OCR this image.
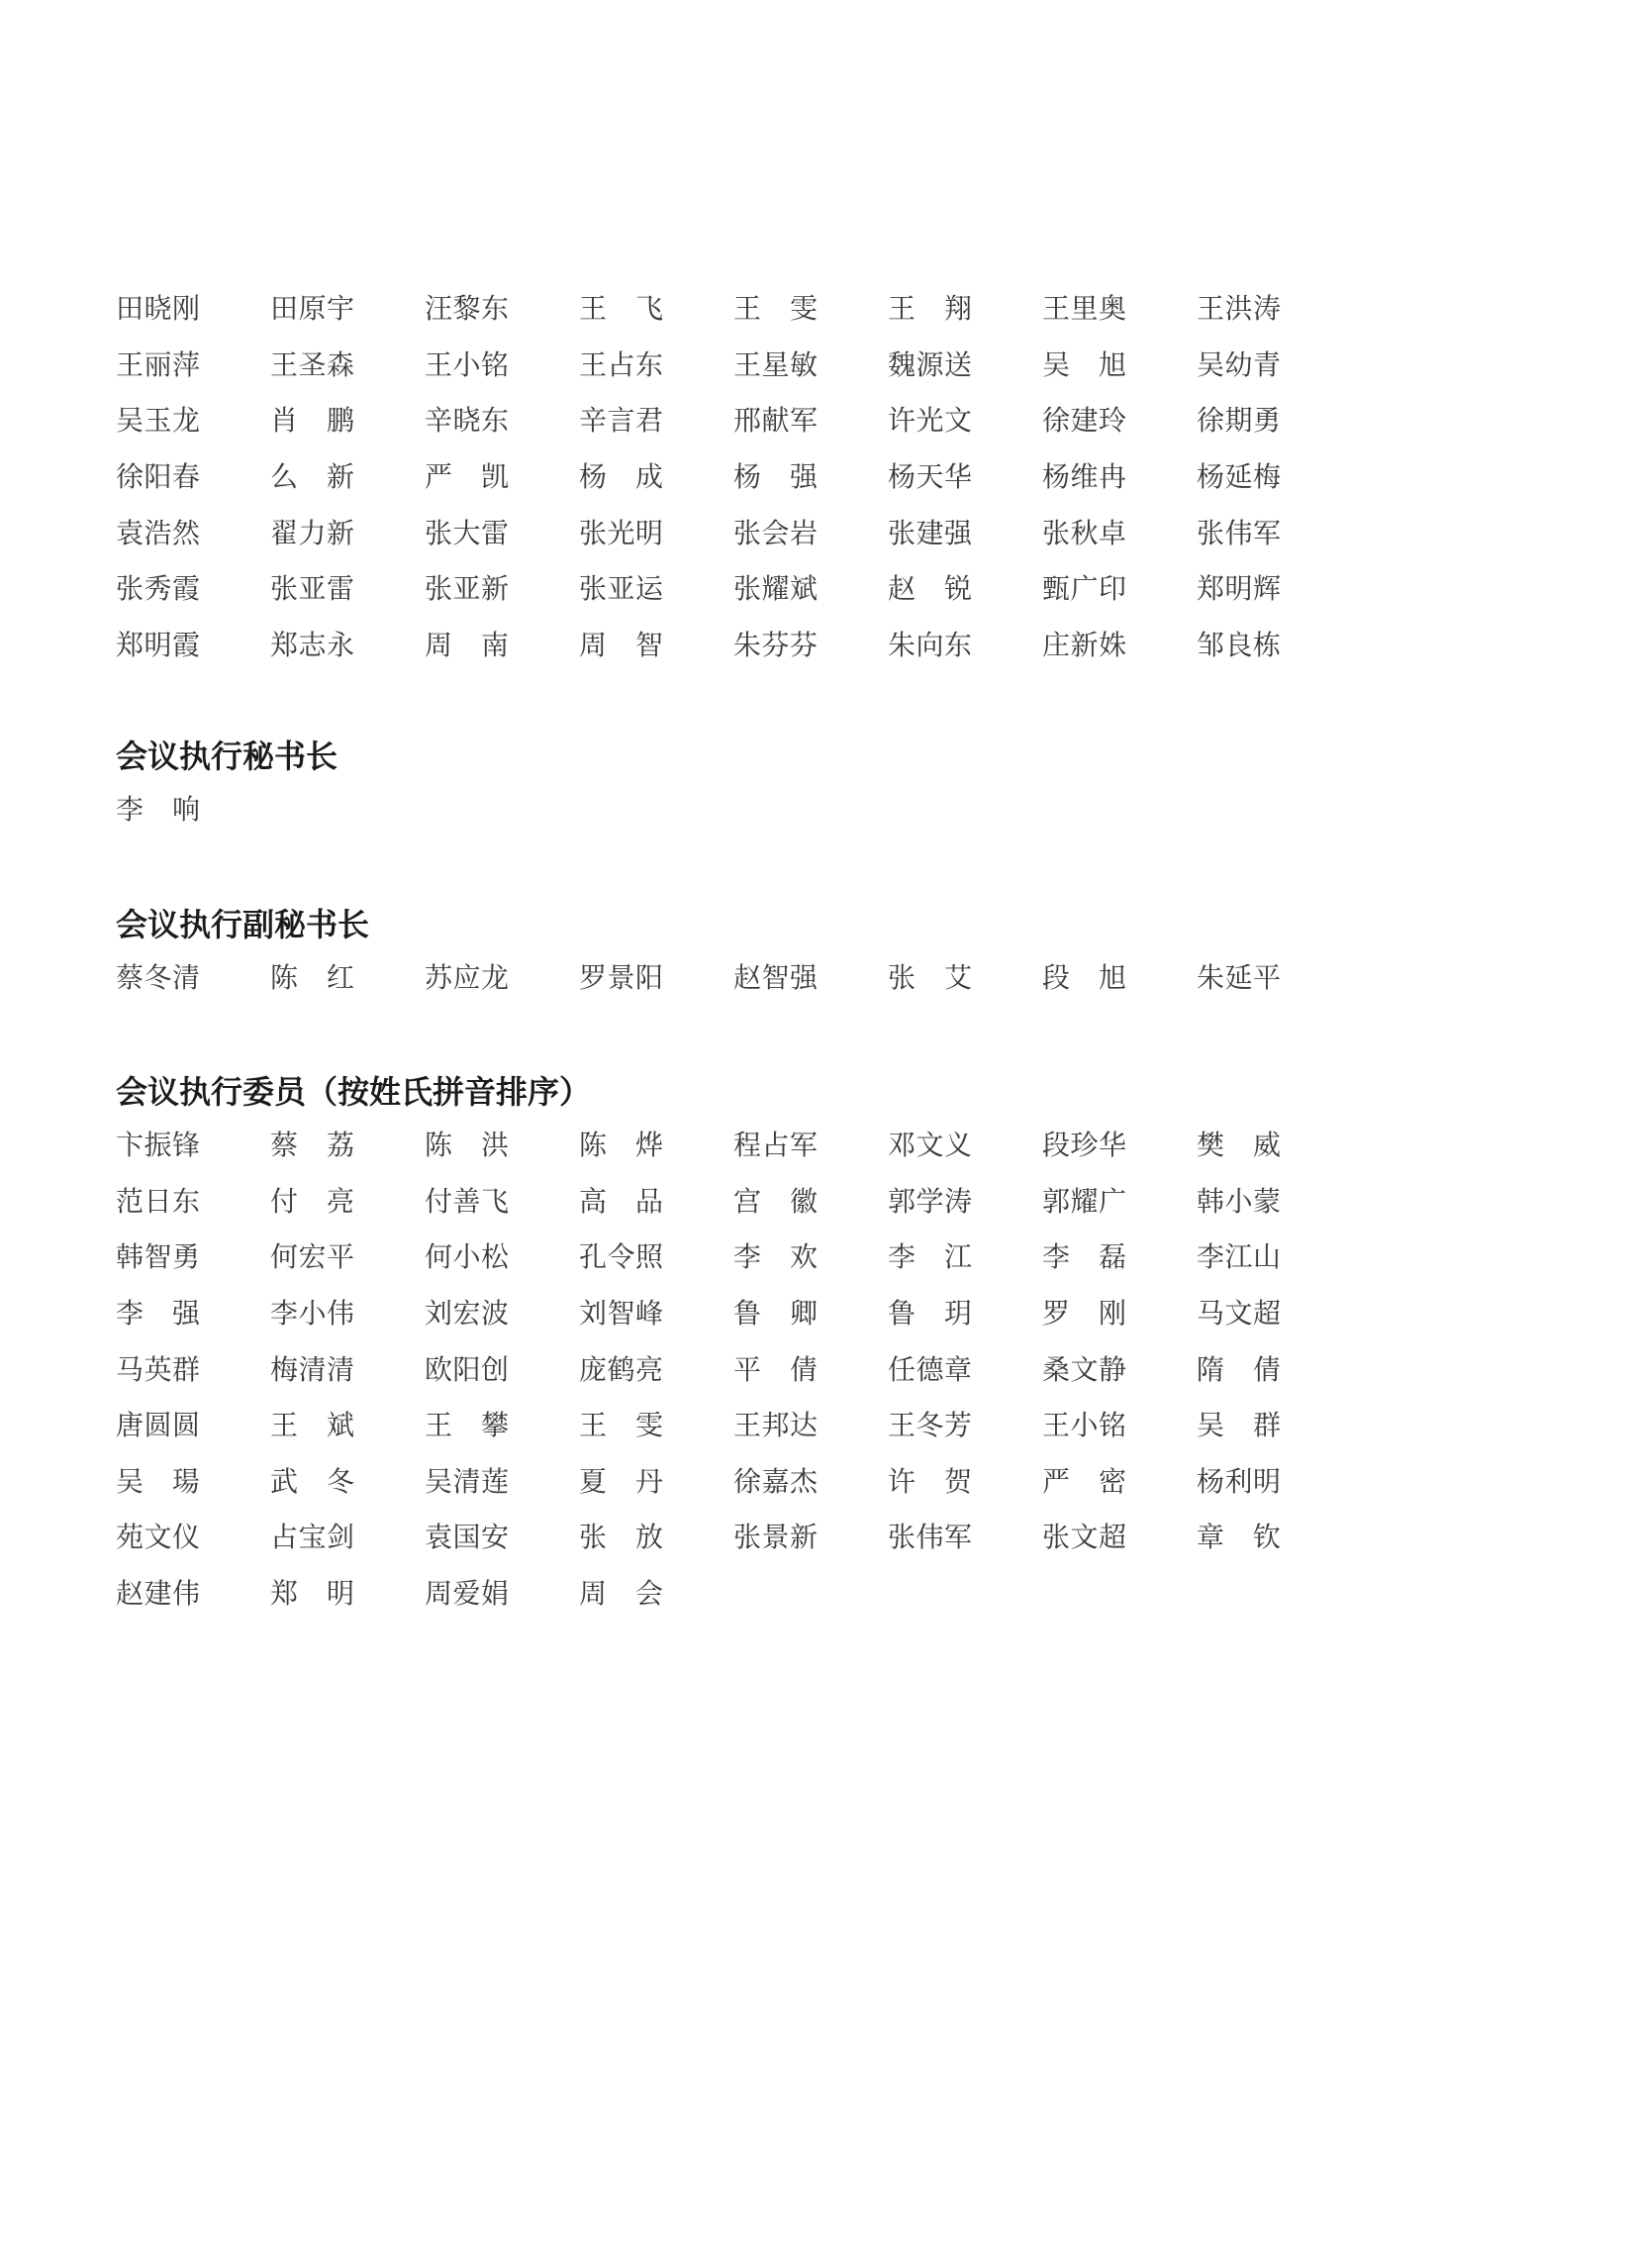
田晓刚	田原宇	汪黎东	王　飞	王　雯	王　翔	王里奥	王洪涛
王丽萍	王圣森	王小铭	王占东	王星敏	魏源送	吴　旭	吴幼青
吴玉龙	肖　鹏	辛晓东	辛言君	邢献军	许光文	徐建玲	徐期勇
徐阳春	么　新	严　凯	杨　成	杨　强	杨天华	杨维冉	杨延梅
袁浩然	翟力新	张大雷	张光明	张会岩	张建强	张秋卓	张伟军
张秀霞	张亚雷	张亚新	张亚运	张耀斌	赵　锐	甄广印	郑明辉
郑明霞	郑志永	周　南	周　智	朱芬芬	朱向东	庄新姝	邹良栋
会议执行秘书长
李　响
会议执行副秘书长
蔡冬清	陈　红	苏应龙	罗景阳	赵智强	张　艾	段　旭	朱延平
会议执行委员（按姓氏拼音排序）
卞振锋	蔡　荔	陈　洪	陈　烨	程占军	邓文义	段珍华	樊　威
范日东	付　亮	付善飞	高　品	宫　徽	郭学涛	郭耀广	韩小蒙
韩智勇	何宏平	何小松	孔令照	李　欢	李　江	李　磊	李江山
李　强	李小伟	刘宏波	刘智峰	鲁　卿	鲁　玥	罗　刚	马文超
马英群	梅清清	欧阳创	庞鹤亮	平　倩	任德章	桑文静	隋　倩
唐圆圆	王　斌	王　攀	王　雯	王邦达	王冬芳	王小铭	吴　群
吴　瑒	武　冬	吴清莲	夏　丹	徐嘉杰	许　贺	严　密	杨利明
苑文仪	占宝剑	袁国安	张　放	张景新	张伟军	张文超	章　钦
赵建伟	郑　明	周爱娟	周　会
